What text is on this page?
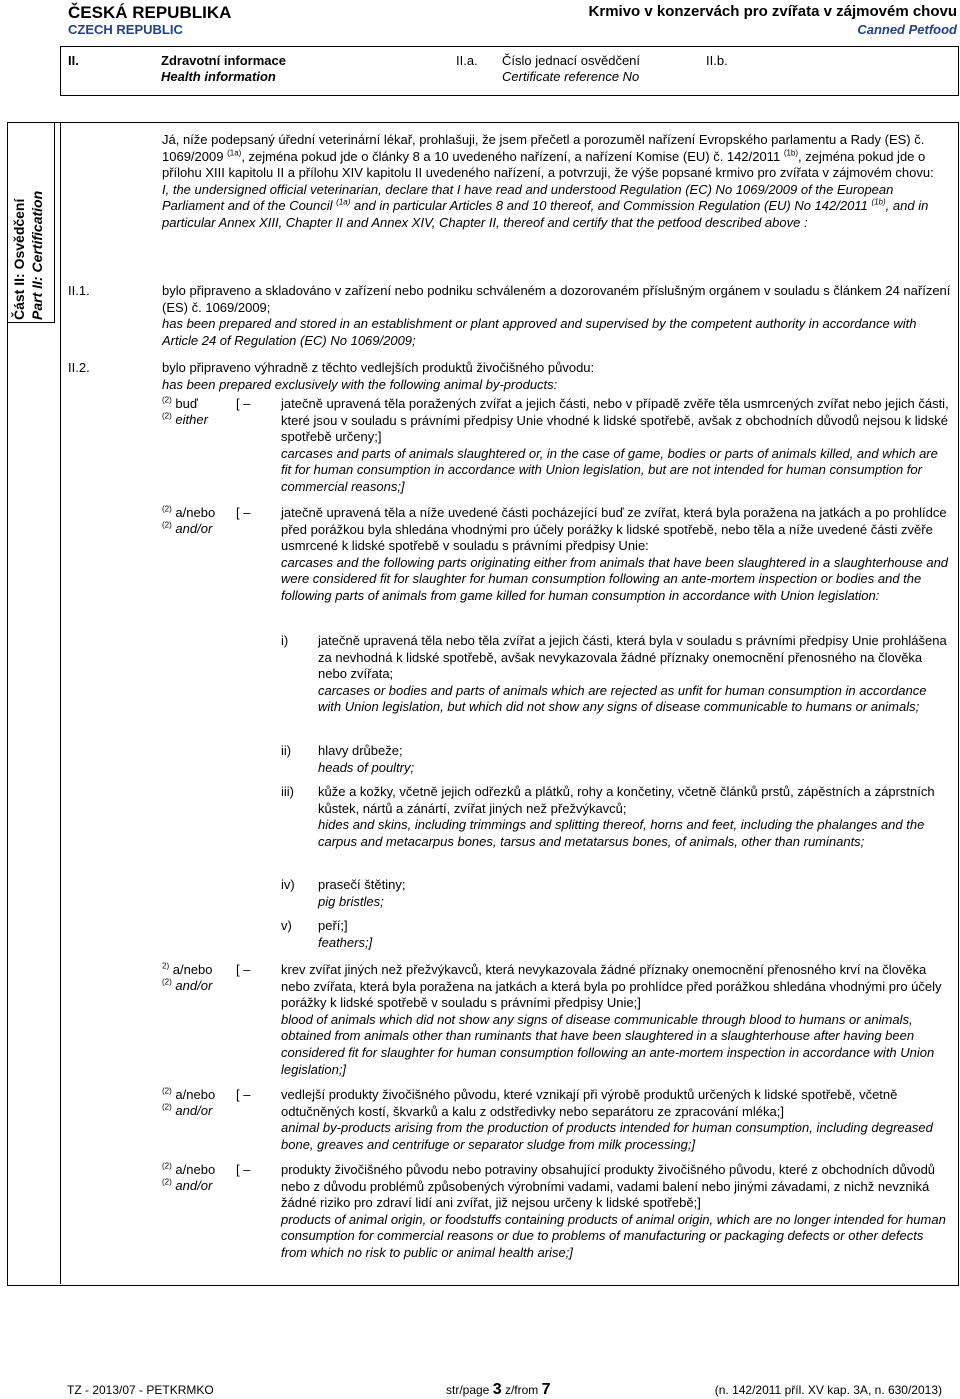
ČESKÁ REPUBLIKA
CZECH REPUBLIC
Krmivo v konzervách pro zvířata v zájmovém chovu
Canned Petfood
II.	Zdravotní informace
Health information
II.a. Číslo jednací osvědčení
Certificate reference No
II.b.
Část II: Osvědčení Part II: Certification
Já, níže podepsaný úřední veterinární lékař, prohlašuji, že jsem přečetl a porozuměl nařízení Evropského parlamentu a Rady (ES) č. 1069/2009 $^{(1a)}$, zejména pokud jde o články 8 a 10 uvedeného nařízení, a nařízení Komise (EU) č. 142/2011 $^{(1b)}$, zejména pokud jde o přílohu XIII kapitolu II a přílohu XIV kapitolu II uvedeného nařízení, a potvrzuji, že výše popsané krmivo pro zvířata v zájmovém chovu:
I, the undersigned official veterinarian, declare that I have read and understood Regulation (EC) No 1069/2009 of the European Parliament and of the Council $^{(1a)}$ and in particular Articles 8 and 10 thereof, and Commission Regulation (EU) No 142/2011 $^{(1b)}$, and in particular Annex XIII, Chapter II and Annex XIV, Chapter II, thereof and certify that the petfood described above :
II.1.	bylo připraveno a skladováno v zařízení nebo podniku schváleném a dozorovaném příslušným orgánem v souladu s článkem 24 nařízení (ES) č. 1069/2009;
has been prepared and stored in an establishment or plant approved and supervised by the competent authority in accordance with Article 24 of Regulation (EC) No 1069/2009;
II.2.	bylo připraveno výhradně z těchto vedlejších produktů živočišného původu:
has been prepared exclusively with the following animal by-products:
$^{(2)}$ buď
$^{(2)}$ either
[ – jatečně upravená těla poražených zvířat a jejich části, nebo v případě zvěře těla usmrcených zvířat nebo jejich části, které jsou v souladu s právními předpisy Unie vhodné k lidské spotřebě, avšak z obchodních důvodů nejsou k lidské spotřebě určeny;]
carcases and parts of animals slaughtered or, in the case of game, bodies or parts of animals killed, and which are fit for human consumption in accordance with Union legislation, but are not intended for human consumption for commercial reasons;]
$^{(2)}$ a/nebo
$^{(2)}$ and/or
[ – jatečně upravená těla a níže uvedené části pocházející buď ze zvířat, která byla poražena na jatkách a po prohlídce před porážkou byla shledána vhodnými pro účely porážky k lidské spotřebě, nebo těla a níže uvedené části zvěře usmrcené k lidské spotřebě v souladu s právními předpisy Unie:
carcases and the following parts originating either from animals that have been slaughtered in a slaughterhouse and were considered fit for slaughter for human consumption following an ante-mortem inspection or bodies and the following parts of animals from game killed for human consumption in accordance with Union legislation:
i) jatečně upravená těla nebo těla zvířat a jejich části, která byla v souladu s právními předpisy Unie prohlášena za nevhodná k lidské spotřebě, avšak nevykazovala žádné příznaky onemocnění přenosného na člověka nebo zvířata;
carcases or bodies and parts of animals which are rejected as unfit for human consumption in accordance with Union legislation, but which did not show any signs of disease communicable to humans or animals;
ii) hlavy drůbeže;
heads of poultry;
iii) kůže a kožky, včetně jejich odřezků a plátků, rohy a končetiny, včetně článků prstů, zápěstních a záprstních kůstek, nártů a zánártí, zvířat jiných než přežvýkavců;
hides and skins, including trimmings and splitting thereof, horns and feet, including the phalanges and the carpus and metacarpus bones, tarsus and metatarsus bones, of animals, other than ruminants;
iv) prasečí štětiny;
pig bristles;
v) peří;]
feathers;]
$^{2)}$ a/nebo
$^{(2)}$ and/or
[ – krev zvířat jiných než přežvýkavců, která nevykazovala žádné příznaky onemocnění přenosného krví na člověka nebo zvířata, která byla poražena na jatkách a která byla po prohlídce před porážkou shledána vhodnými pro účely porážky k lidské spotřebě v souladu s právními předpisy Unie;]
blood of animals which did not show any signs of disease communicable through blood to humans or animals, obtained from animals other than ruminants that have been slaughtered in a slaughterhouse after having been considered fit for slaughter for human consumption following an ante-mortem inspection in accordance with Union legislation;]
$^{(2)}$ a/nebo
$^{(2)}$ and/or
[ – vedlejší produkty živočišného původu, které vznikají při výrobě produktů určených k lidské spotřebě, včetně odtučněných kostí, škvarků a kalu z odstředivky nebo separátoru ze zpracování mléka;]
animal by-products arising from the production of products intended for human consumption, including degreased bone, greaves and centrifuge or separator sludge from milk processing;]
$^{(2)}$ a/nebo
$^{(2)}$ and/or
[ – produkty živočišného původu nebo potraviny obsahující produkty živočišného původu, které z obchodních důvodů nebo z důvodu problémů způsobených výrobními vadami, vadami balení nebo jinými závadami, z nichž nevzniká žádné riziko pro zdraví lidí ani zvířat, již nejsou určeny k lidské spotřebě;]
products of animal origin, or foodstuffs containing products of animal origin, which are no longer intended for human consumption for commercial reasons or due to problems of manufacturing or packaging defects or other defects from which no risk to public or animal health arise;]
TZ - 2013/07 - PETKRMKO	str/page 3 z/from 7	(n. 142/2011 příl. XV kap. 3A, n. 630/2013)
